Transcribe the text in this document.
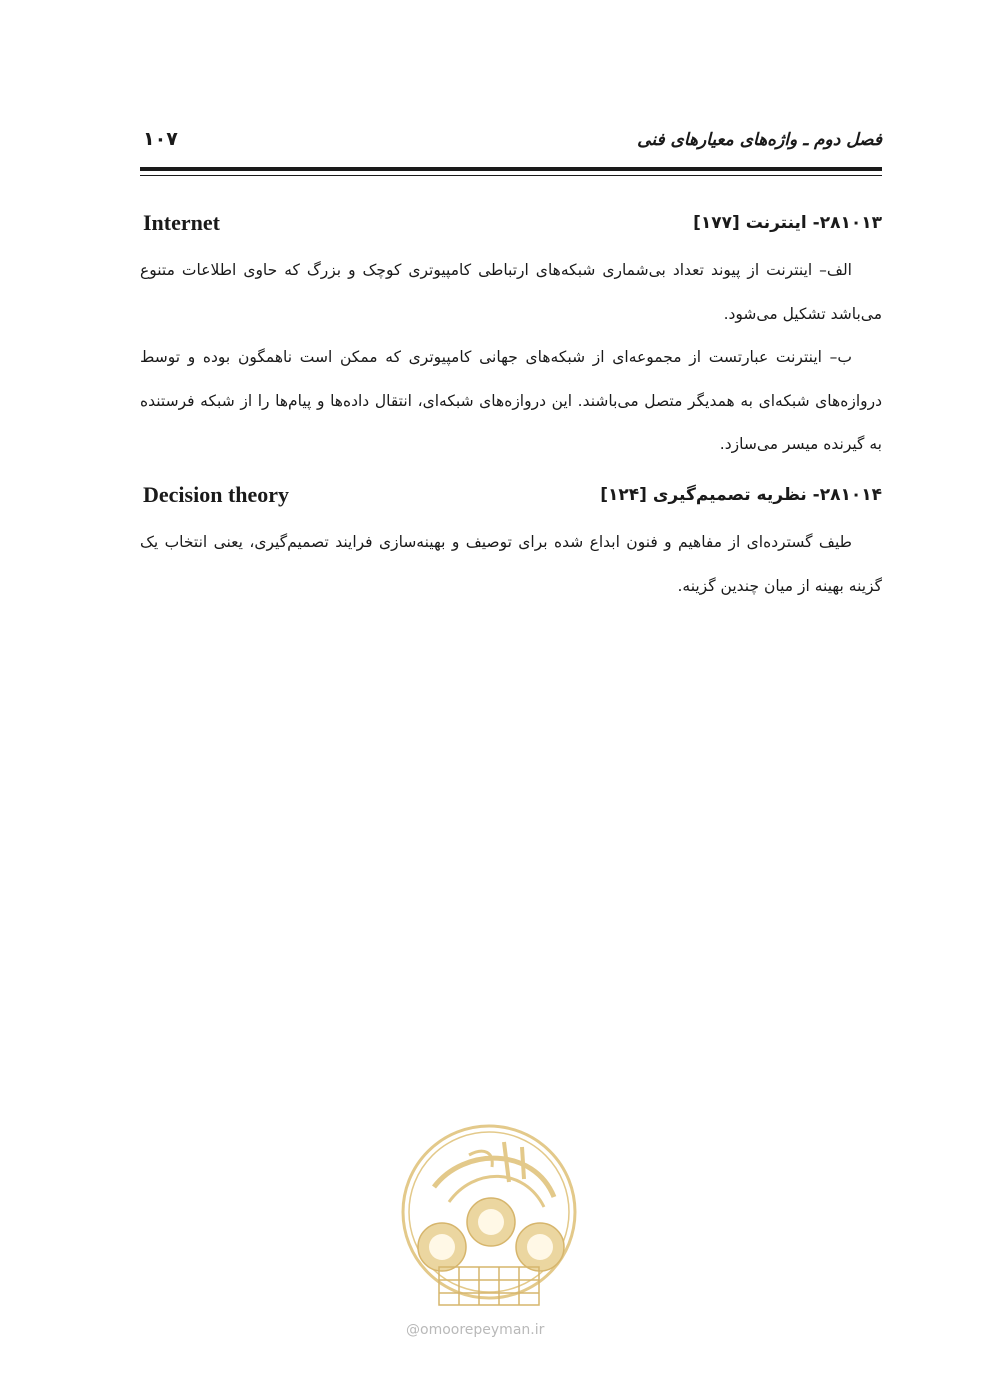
۱۰۷	فصل دوم ـ واژه‌های معیارهای فنی
۲۸۱۰۱۳- اینترنت [۱۷۷]
Internet

الف– اینترنت از پیوند تعداد بی‌شماری شبکه‌های ارتباطی کامپیوتری کوچک و بزرگ که حاوی اطلاعات متنوع می‌باشد تشکیل می‌شود.

ب– اینترنت عبارتست از مجموعه‌ای از شبکه‌های جهانی کامپیوتری که ممکن است ناهمگون بوده و توسط دروازه‌های شبکه‌ای به همدیگر متصل می‌باشند. این دروازه‌های شبکه‌ای، انتقال داده‌ها و پیام‌ها را از شبکه فرستنده به گیرنده میسر می‌سازد.

۲۸۱۰۱۴- نظریه تصمیم‌گیری [۱۲۴]
Decision theory

طیف گسترده‌ای از مفاهیم و فنون ابداع شده برای توصیف و بهینه‌سازی فرایند تصمیم‌گیری، یعنی انتخاب یک گزینه بهینه از میان چندین گزینه.

@omoorepeyman.ir
